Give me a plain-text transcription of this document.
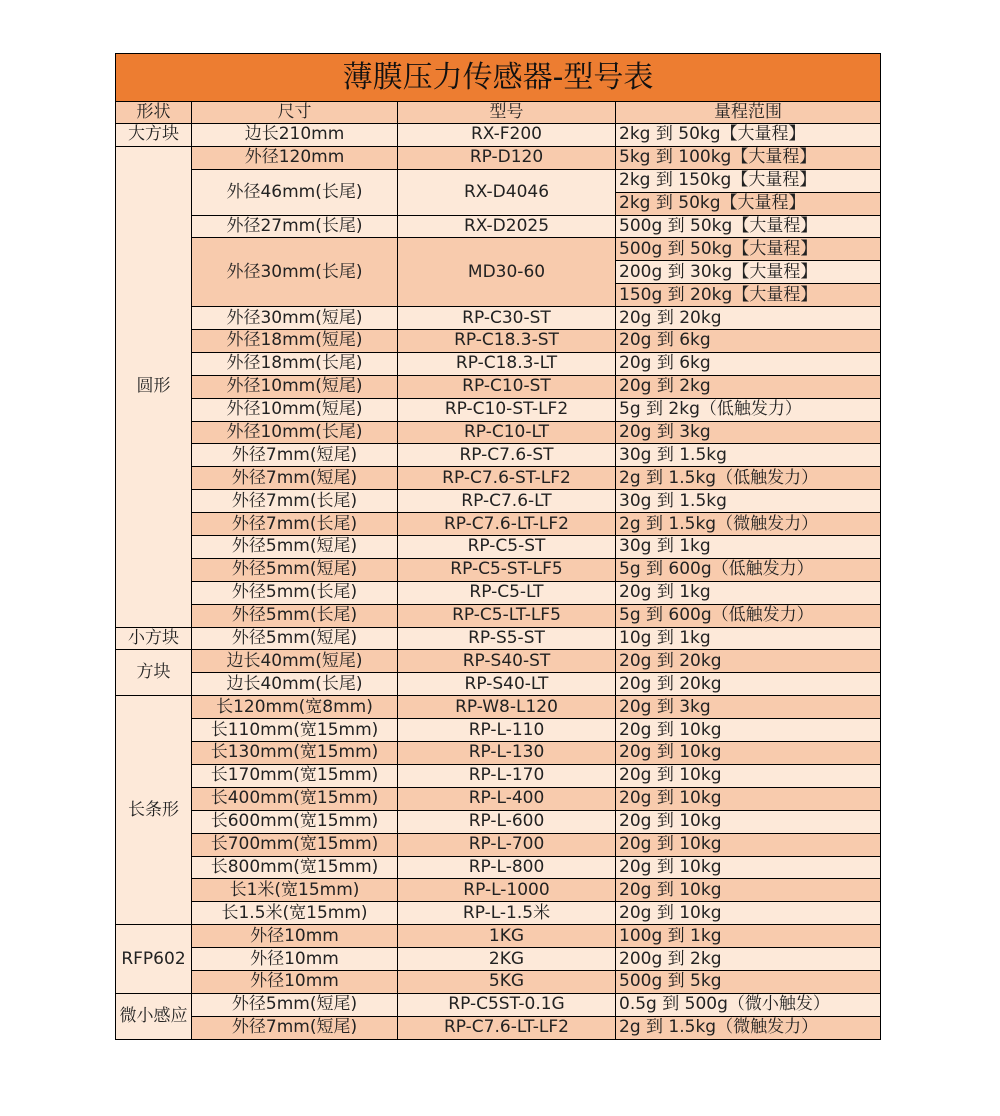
薄膜压力传感器-型号表			
形状	尺寸	型号	量程范围
大方块	边长210mm	RX-F200	2kg 到 50kg【大量程】
圆形	外径120mm	RP-D120	5kg 到 100kg【大量程】
	外径46mm(长尾)	RX-D4046	2kg 到 150kg【大量程】
			2kg 到 50kg【大量程】
	外径27mm(长尾)	RX-D2025	500g 到 50kg【大量程】
	外径30mm(长尾)	MD30-60	500g 到 50kg【大量程】
			200g 到 30kg【大量程】
			150g 到 20kg【大量程】
	外径30mm(短尾)	RP-C30-ST	20g 到 20kg
	外径18mm(短尾)	RP-C18.3-ST	20g 到 6kg
	外径18mm(长尾)	RP-C18.3-LT	20g 到 6kg
	外径10mm(短尾)	RP-C10-ST	20g 到 2kg
	外径10mm(短尾)	RP-C10-ST-LF2	5g 到 2kg（低触发力）
	外径10mm(长尾)	RP-C10-LT	20g 到 3kg
	外径7mm(短尾)	RP-C7.6-ST	30g 到 1.5kg
	外径7mm(短尾)	RP-C7.6-ST-LF2	2g 到 1.5kg（低触发力）
	外径7mm(长尾)	RP-C7.6-LT	30g 到 1.5kg
	外径7mm(长尾)	RP-C7.6-LT-LF2	2g 到 1.5kg（微触发力）
	外径5mm(短尾)	RP-C5-ST	30g 到 1kg
	外径5mm(短尾)	RP-C5-ST-LF5	5g 到 600g（低触发力）
	外径5mm(长尾)	RP-C5-LT	20g 到 1kg
	外径5mm(长尾)	RP-C5-LT-LF5	5g 到 600g（低触发力）
小方块	外径5mm(短尾)	RP-S5-ST	10g 到 1kg
方块	边长40mm(短尾)	RP-S40-ST	20g 到 20kg
	边长40mm(长尾)	RP-S40-LT	20g 到 20kg
长条形	长120mm(宽8mm)	RP-W8-L120	20g 到 3kg
	长110mm(宽15mm)	RP-L-110	20g 到 10kg
	长130mm(宽15mm)	RP-L-130	20g 到 10kg
	长170mm(宽15mm)	RP-L-170	20g 到 10kg
	长400mm(宽15mm)	RP-L-400	20g 到 10kg
	长600mm(宽15mm)	RP-L-600	20g 到 10kg
	长700mm(宽15mm)	RP-L-700	20g 到 10kg
	长800mm(宽15mm)	RP-L-800	20g 到 10kg
	长1米(宽15mm)	RP-L-1000	20g 到 10kg
	长1.5米(宽15mm)	RP-L-1.5米	20g 到 10kg
RFP602	外径10mm	1KG	100g 到 1kg
	外径10mm	2KG	200g 到 2kg
	外径10mm	5KG	500g 到 5kg
微小感应	外径5mm(短尾)	RP-C5ST-0.1G	0.5g 到 500g（微小触发）
	外径7mm(短尾)	RP-C7.6-LT-LF2	2g 到 1.5kg（微触发力）
